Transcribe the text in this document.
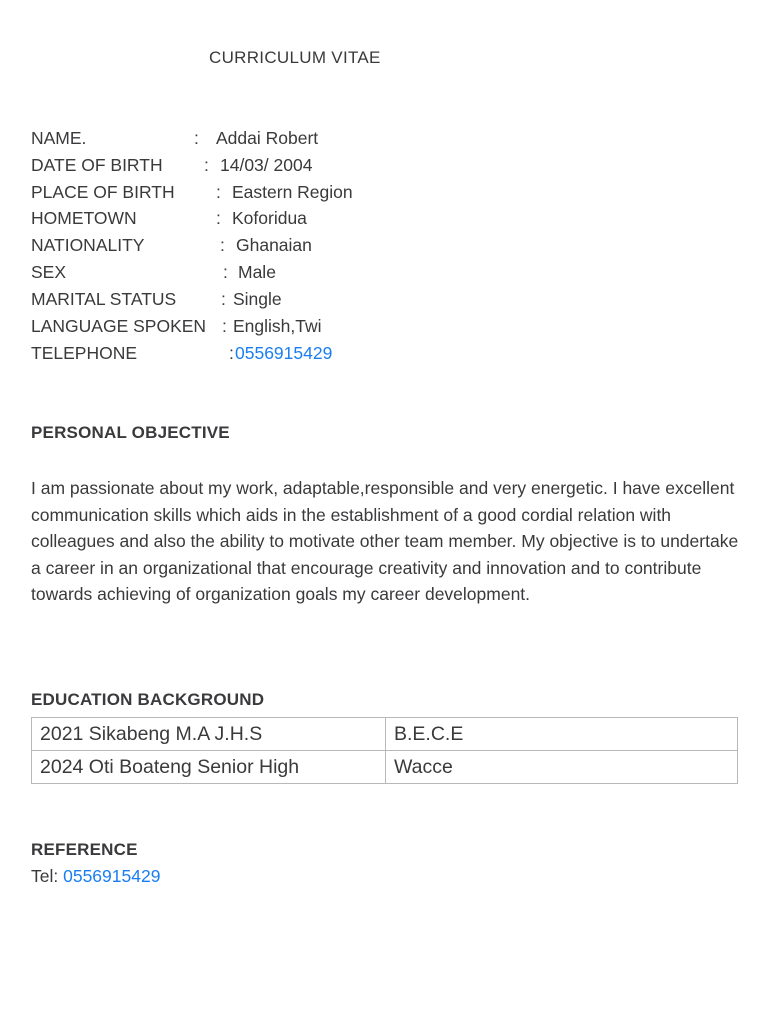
CURRICULUM VITAE
NAME.	: Addai Robert
DATE OF BIRTH : 14/03/ 2004
PLACE OF BIRTH : Eastern Region
HOMETOWN	: Koforidua
NATIONALITY	: Ghanaian
SEX	: Male
MARITAL STATUS	: Single
LANGUAGE SPOKEN : English,Twi
TELEPHONE	: 0556915429
PERSONAL OBJECTIVE
I am passionate about my work, adaptable,responsible and very energetic. I have excellent communication skills which aids in the establishment of a good cordial relation with colleagues and also the ability to motivate other team member. My objective is to undertake a career in an organizational that encourage creativity and innovation and to contribute towards achieving of organization goals my career development.
EDUCATION BACKGROUND
2021 Sikabeng M.A J.H.S	B.E.C.E
2024 Oti Boateng Senior High	Wacce
REFERENCE
Tel: 0556915429
